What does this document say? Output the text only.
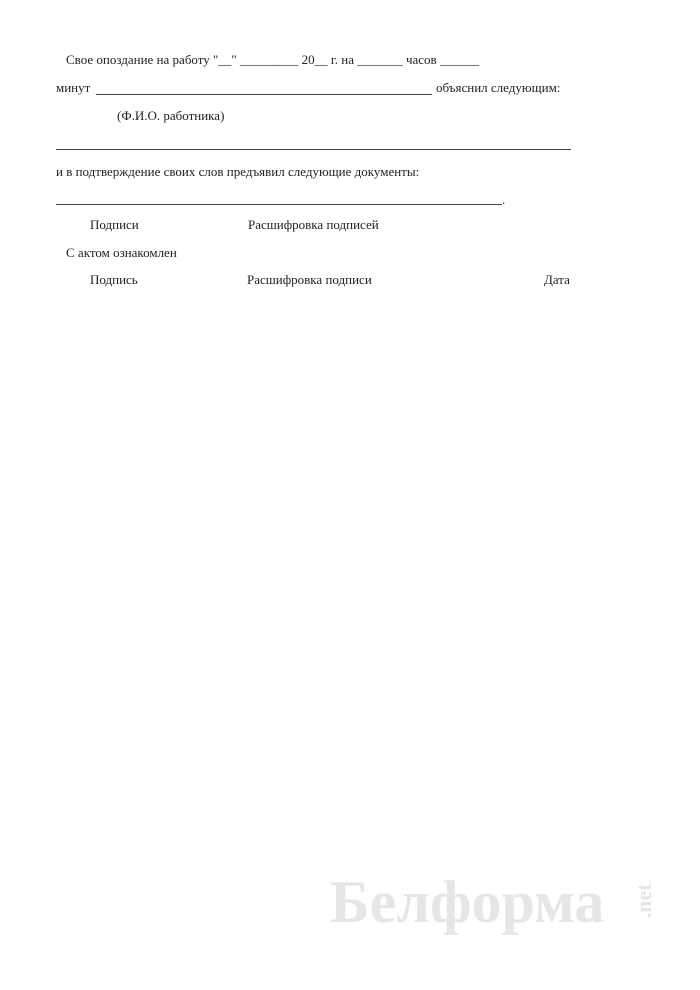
Свое опоздание на работу "__" _________ 20__ г. на _______ часов ______
минут	объяснил следующим:
(Ф.И.О. работника)
и в подтверждение своих слов предъявил следующие документы:
.
Подписи	Расшифровка подписей
С актом ознакомлен
Подпись	Расшифровка подписи	Дата
Белформа .net
